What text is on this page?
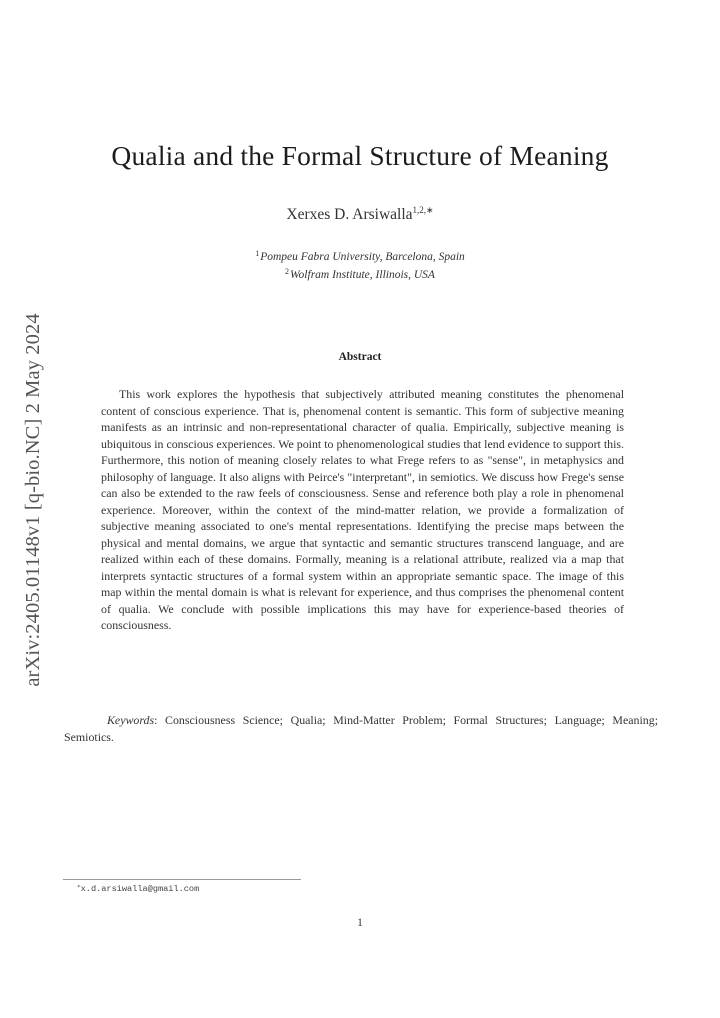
arXiv:2405.01148v1 [q-bio.NC] 2 May 2024
Qualia and the Formal Structure of Meaning
Xerxes D. Arsiwalla$^{1,2,∗}$
$^1$Pompeu Fabra University, Barcelona, Spain
$^2$Wolfram Institute, Illinois, USA
Abstract

This work explores the hypothesis that subjectively attributed meaning constitutes the phenomenal content of conscious experience. That is, phenomenal content is semantic. This form of subjective meaning manifests as an intrinsic and non-representational character of qualia. Empirically, subjective meaning is ubiquitous in conscious experiences. We point to phenomenological studies that lend evidence to support this. Furthermore, this notion of meaning closely relates to what Frege refers to as "sense", in metaphysics and philosophy of language. It also aligns with Peirce's "interpretant", in semiotics. We discuss how Frege's sense can also be extended to the raw feels of consciousness. Sense and reference both play a role in phenomenal experience. Moreover, within the context of the mind-matter relation, we provide a formalization of subjective meaning associated to one's mental representations. Identifying the precise maps between the physical and mental domains, we argue that syntactic and semantic structures transcend language, and are realized within each of these domains. Formally, meaning is a relational attribute, realized via a map that interprets syntactic structures of a formal system within an appropriate semantic space. The image of this map within the mental domain is what is relevant for experience, and thus comprises the phenomenal content of qualia. We conclude with possible implications this may have for experience-based theories of consciousness.

Keywords: Consciousness Science; Qualia; Mind-Matter Problem; Formal Structures; Language; Meaning; Semiotics.

∗x.d.arsiwalla@gmail.com
1
